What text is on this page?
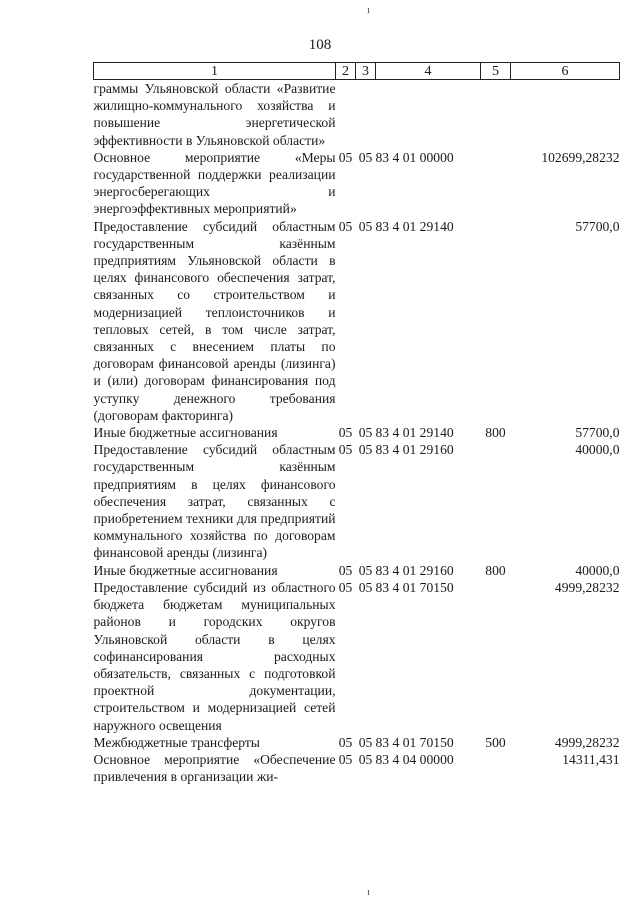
ı
108
1	2	3	4	5	6
граммы Ульяновской области «Развитие жилищно-коммунального хозяйства и повышение энергетической эффективности в Ульяновской области»					
Основное мероприятие «Меры государственной поддержки реализации энергосберегающих и энергоэффективных мероприятий»	05	05	83 4 01 00000		102699,28232
Предоставление субсидий областным государственным казённым предприятиям Ульяновской области в целях финансового обеспечения затрат, связанных со строительством и модернизацией теплоисточников и тепловых сетей, в том числе затрат, связанных с внесением платы по договорам финансовой аренды (лизинга) и (или) договорам финансирования под уступку денежного требования (договорам факторинга)	05	05	83 4 01 29140		57700,0
Иные бюджетные ассигнования	05	05	83 4 01 29140	800	57700,0
Предоставление субсидий областным государственным казённым предприятиям в целях финансового обеспечения затрат, связанных с приобретением техники для предприятий коммунального хозяйства по договорам финансовой аренды (лизинга)	05	05	83 4 01 29160		40000,0
Иные бюджетные ассигнования	05	05	83 4 01 29160	800	40000,0
Предоставление субсидий из областного бюджета бюджетам муниципальных районов и городских округов Ульяновской области в целях софинансирования расходных обязательств, связанных с подготовкой проектной документации, строительством и модернизацией сетей наружного освещения	05	05	83 4 01 70150		4999,28232
Межбюджетные трансферты	05	05	83 4 01 70150	500	4999,28232
Основное мероприятие «Обеспечение привлечения в организации жи-	05	05	83 4 04 00000		14311,431
ı
